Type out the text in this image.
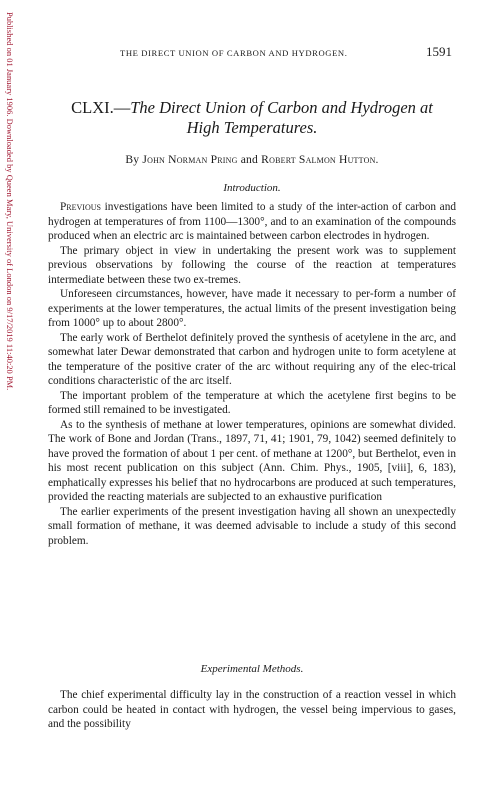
Published on 01 January 1906. Downloaded by Queen Mary, University of London on 9/17/2019 11:40:20 PM.	THE DIRECT UNION OF CARBON AND HYDROGEN.	1591
CLXI.—The Direct Union of Carbon and Hydrogen at
High Temperatures.
By John Norman Pring and Robert Salmon Hutton.
Introduction.

Previous investigations have been limited to a study of the inter-action of carbon and hydrogen at temperatures of from 1100—1300°, and to an examination of the compounds produced when an electric arc is maintained between carbon electrodes in hydrogen.

The primary object in view in undertaking the present work was to supplement previous observations by following the course of the reaction at temperatures intermediate between these two ex-tremes.

Unforeseen circumstances, however, have made it necessary to per-form a number of experiments at the lower temperatures, the actual limits of the present investigation being from 1000° up to about 2800°.

The early work of Berthelot definitely proved the synthesis of acetylene in the arc, and somewhat later Dewar demonstrated that carbon and hydrogen unite to form acetylene at the temperature of the positive crater of the arc without requiring any of the elec-trical conditions characteristic of the arc itself.

The important problem of the temperature at which the acetylene first begins to be formed still remained to be investigated.

As to the synthesis of methane at lower temperatures, opinions are somewhat divided. The work of Bone and Jordan (Trans., 1897, 71, 41; 1901, 79, 1042) seemed definitely to have proved the formation of about 1 per cent. of methane at 1200°, but Berthelot, even in his most recent publication on this subject (Ann. Chim. Phys., 1905, [viii], 6, 183), emphatically expresses his belief that no hydrocarbons are produced at such temperatures, provided the reacting materials are subjected to an exhaustive purification

The earlier experiments of the present investigation having all shown an unexpectedly small formation of methane, it was deemed advisable to include a study of this second problem.

Experimental Methods.

The chief experimental difficulty lay in the construction of a reaction vessel in which carbon could be heated in contact with hydrogen, the vessel being impervious to gases, and the possibility
